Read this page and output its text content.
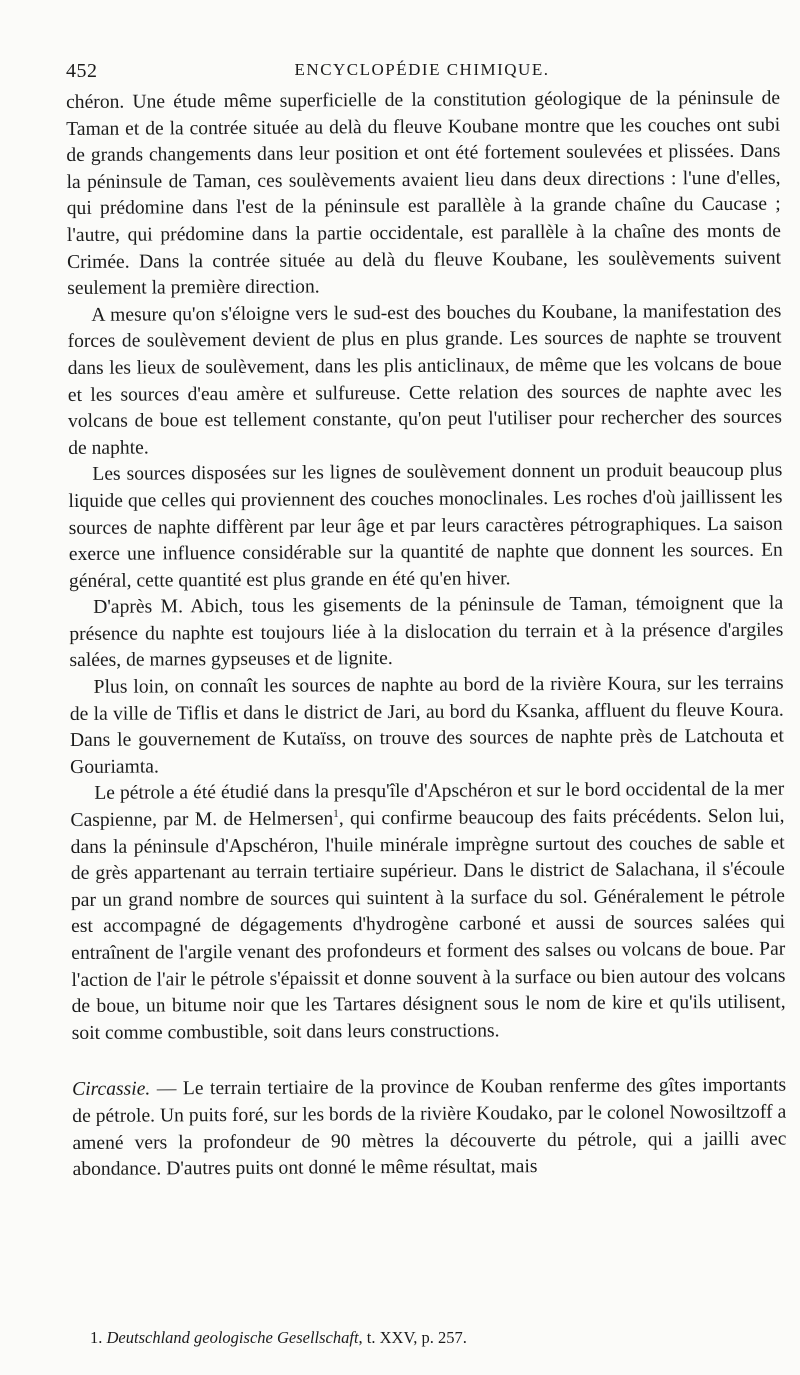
452	ENCYCLOPÉDIE CHIMIQUE.

chéron. Une étude même superficielle de la constitution géologique de la péninsule de Taman et de la contrée située au delà du fleuve Koubane montre que les couches ont subi de grands changements dans leur position et ont été fortement soulevées et plissées. Dans la péninsule de Taman, ces soulèvements avaient lieu dans deux directions : l'une d'elles, qui prédomine dans l'est de la péninsule est parallèle à la grande chaîne du Caucase ; l'autre, qui prédomine dans la partie occidentale, est parallèle à la chaîne des monts de Crimée. Dans la contrée située au delà du fleuve Koubane, les soulèvements suivent seulement la première direction.

A mesure qu'on s'éloigne vers le sud-est des bouches du Koubane, la manifestation des forces de soulèvement devient de plus en plus grande. Les sources de naphte se trouvent dans les lieux de soulèvement, dans les plis anticlinaux, de même que les volcans de boue et les sources d'eau amère et sulfureuse. Cette relation des sources de naphte avec les volcans de boue est tellement constante, qu'on peut l'utiliser pour rechercher des sources de naphte.

Les sources disposées sur les lignes de soulèvement donnent un produit beaucoup plus liquide que celles qui proviennent des couches monoclinales. Les roches d'où jaillissent les sources de naphte diffèrent par leur âge et par leurs caractères pétrographiques. La saison exerce une influence considérable sur la quantité de naphte que donnent les sources. En général, cette quantité est plus grande en été qu'en hiver.

D'après M. Abich, tous les gisements de la péninsule de Taman, témoignent que la présence du naphte est toujours liée à la dislocation du terrain et à la présence d'argiles salées, de marnes gypseuses et de lignite.

Plus loin, on connaît les sources de naphte au bord de la rivière Koura, sur les terrains de la ville de Tiflis et dans le district de Jari, au bord du Ksanka, affluent du fleuve Koura. Dans le gouvernement de Kutaïss, on trouve des sources de naphte près de Latchouta et Gouriamta.

Le pétrole a été étudié dans la presqu'île d'Apschéron et sur le bord occidental de la mer Caspienne, par M. de Helmersen$^1$, qui confirme beaucoup des faits précédents. Selon lui, dans la péninsule d'Apschéron, l'huile minérale imprègne surtout des couches de sable et de grès appartenant au terrain tertiaire supérieur. Dans le district de Salachana, il s'écoule par un grand nombre de sources qui suintent à la surface du sol. Généralement le pétrole est accompagné de dégagements d'hydrogène carboné et aussi de sources salées qui entraînent de l'argile venant des profondeurs et forment des salses ou volcans de boue. Par l'action de l'air le pétrole s'épaissit et donne souvent à la surface ou bien autour des volcans de boue, un bitume noir que les Tartares désignent sous le nom de kire et qu'ils utilisent, soit comme combustible, soit dans leurs constructions.

Circassie. — Le terrain tertiaire de la province de Kouban renferme des gîtes importants de pétrole. Un puits foré, sur les bords de la rivière Koudako, par le colonel Nowosiltzoff a amené vers la profondeur de 90 mètres la découverte du pétrole, qui a jailli avec abondance. D'autres puits ont donné le même résultat, mais

1. Deutschland geologische Gesellschaft, t. XXV, p. 257.
